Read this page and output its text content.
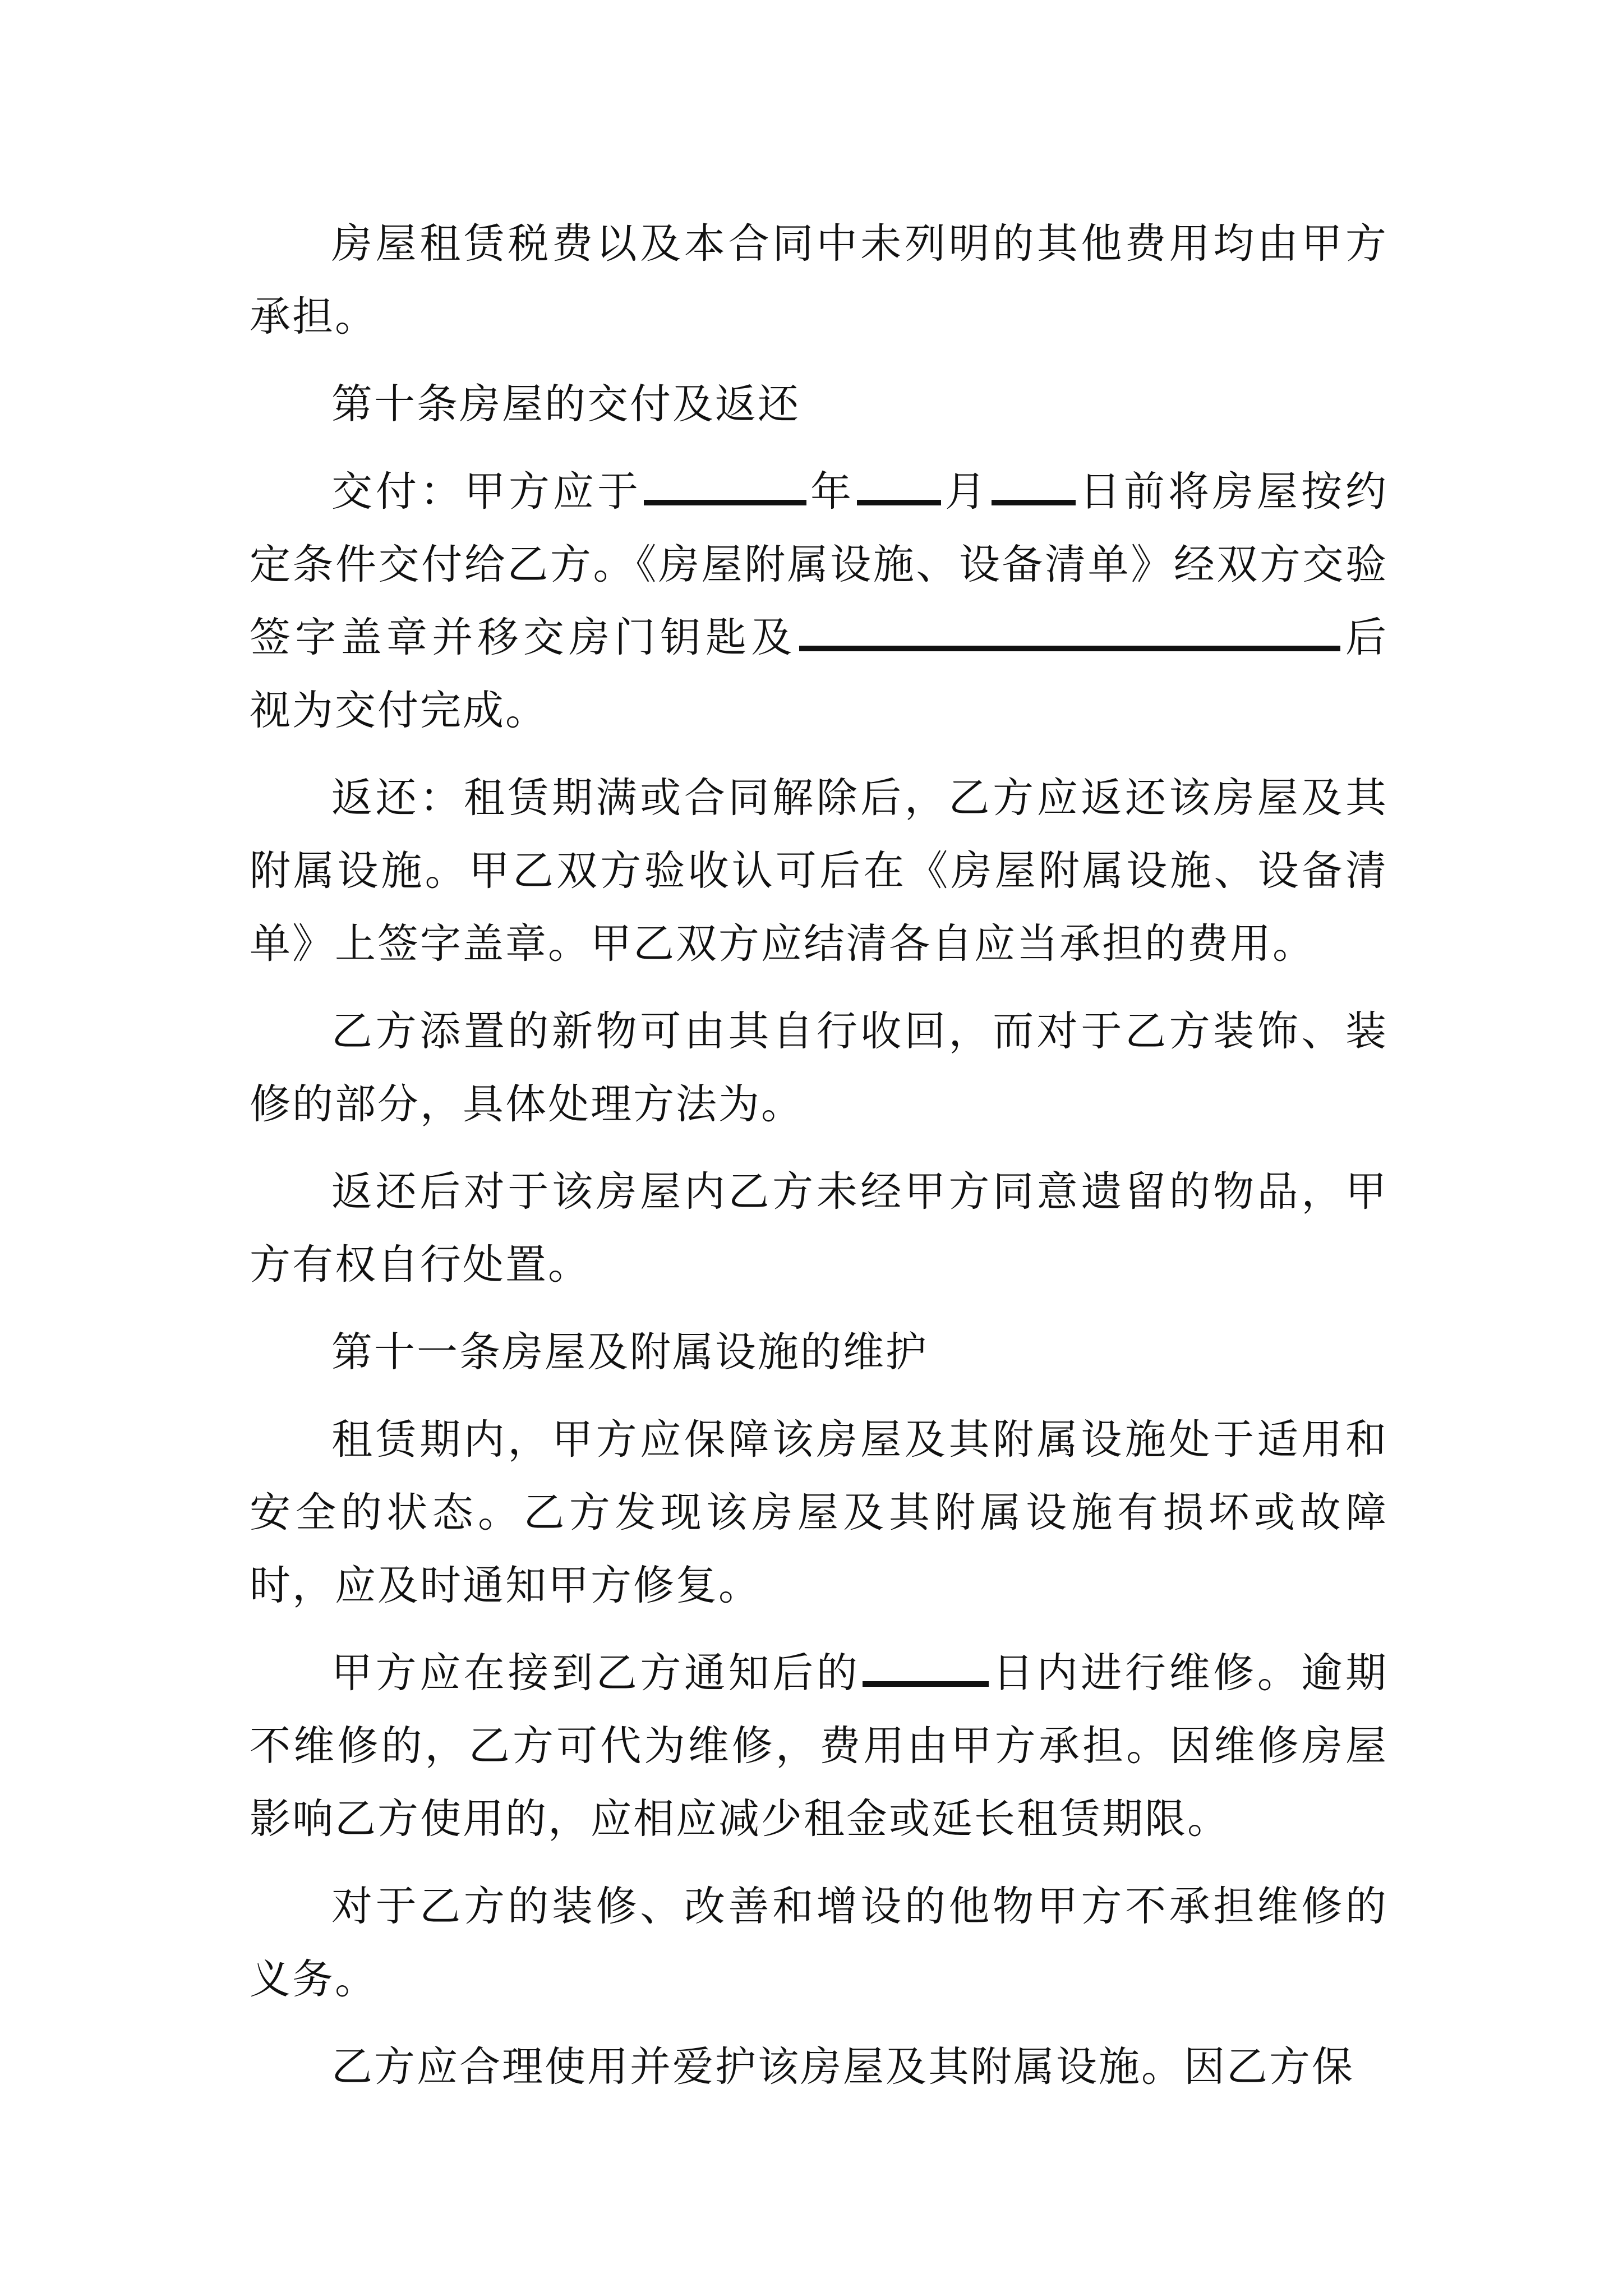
房屋租赁税费以及本合同中未列明的其他费用均由甲方承担。

第十条房屋的交付及返还

交付：甲方应于	年 月 日前将房屋按约定条件交付给乙方。《房屋附属设施、设备清单》经双方交验签字盖章并移交房门钥匙及	后视为交付完成。

返还：租赁期满或合同解除后，乙方应返还该房屋及其附属设施。甲乙双方验收认可后在《房屋附属设施、设备清单》上签字盖章。甲乙双方应结清各自应当承担的费用。

乙方添置的新物可由其自行收回，而对于乙方装饰、装修的部分，具体处理方法为。

返还后对于该房屋内乙方未经甲方同意遗留的物品，甲方有权自行处置。

第十一条房屋及附属设施的维护

租赁期内，甲方应保障该房屋及其附属设施处于适用和安全的状态。乙方发现该房屋及其附属设施有损坏或故障时，应及时通知甲方修复。

甲方应在接到乙方通知后的	日内进行维修。逾期不维修的，乙方可代为维修，费用由甲方承担。因维修房屋影响乙方使用的，应相应减少租金或延长租赁期限。

对于乙方的装修、改善和增设的他物甲方不承担维修的义务。

乙方应合理使用并爱护该房屋及其附属设施。因乙方保
